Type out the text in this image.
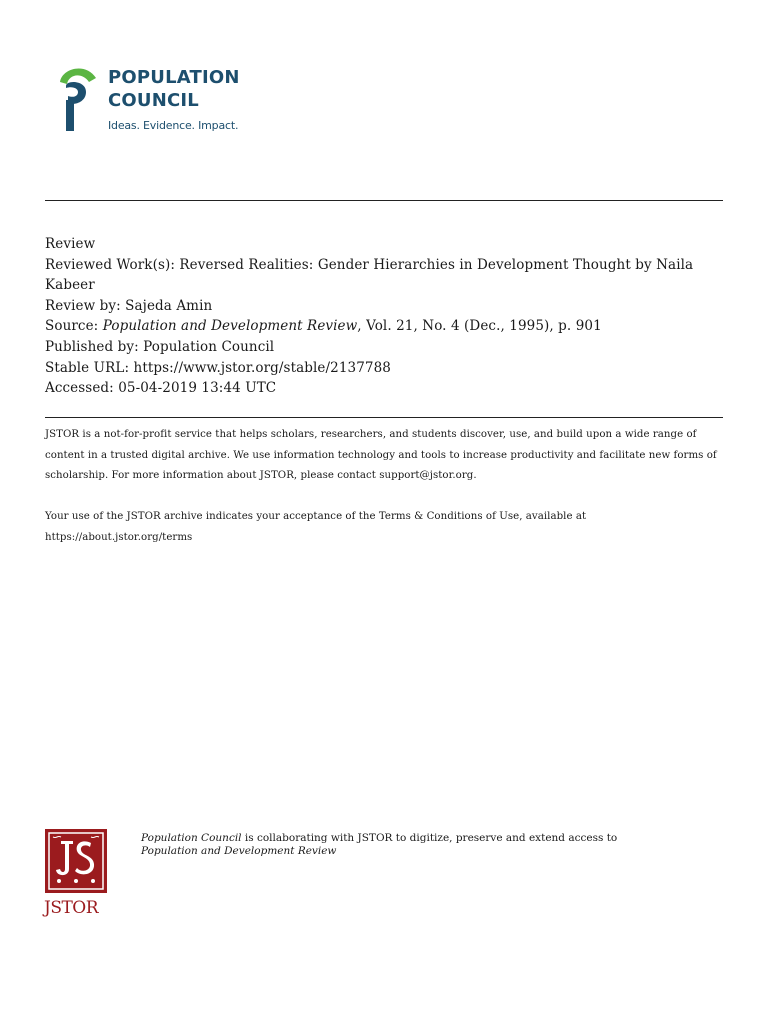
POPULATION
COUNCIL
Ideas. Evidence. Impact.
Review
Reviewed Work(s): Reversed Realities: Gender Hierarchies in Development Thought by Naila
Kabeer
Review by: Sajeda Amin
Source: Population and Development Review, Vol. 21, No. 4 (Dec., 1995), p. 901
Published by: Population Council
Stable URL: https://www.jstor.org/stable/2137788
Accessed: 05-04-2019 13:44 UTC
JSTOR is a not-for-profit service that helps scholars, researchers, and students discover, use, and build upon a wide range of content in a trusted digital archive. We use information technology and tools to increase productivity and facilitate new forms of scholarship. For more information about JSTOR, please contact support@jstor.org.
Your use of the JSTOR archive indicates your acceptance of the Terms & Conditions of Use, available at
https://about.jstor.org/terms
JSTOR
Population Council is collaborating with JSTOR to digitize, preserve and extend access to
Population and Development Review
